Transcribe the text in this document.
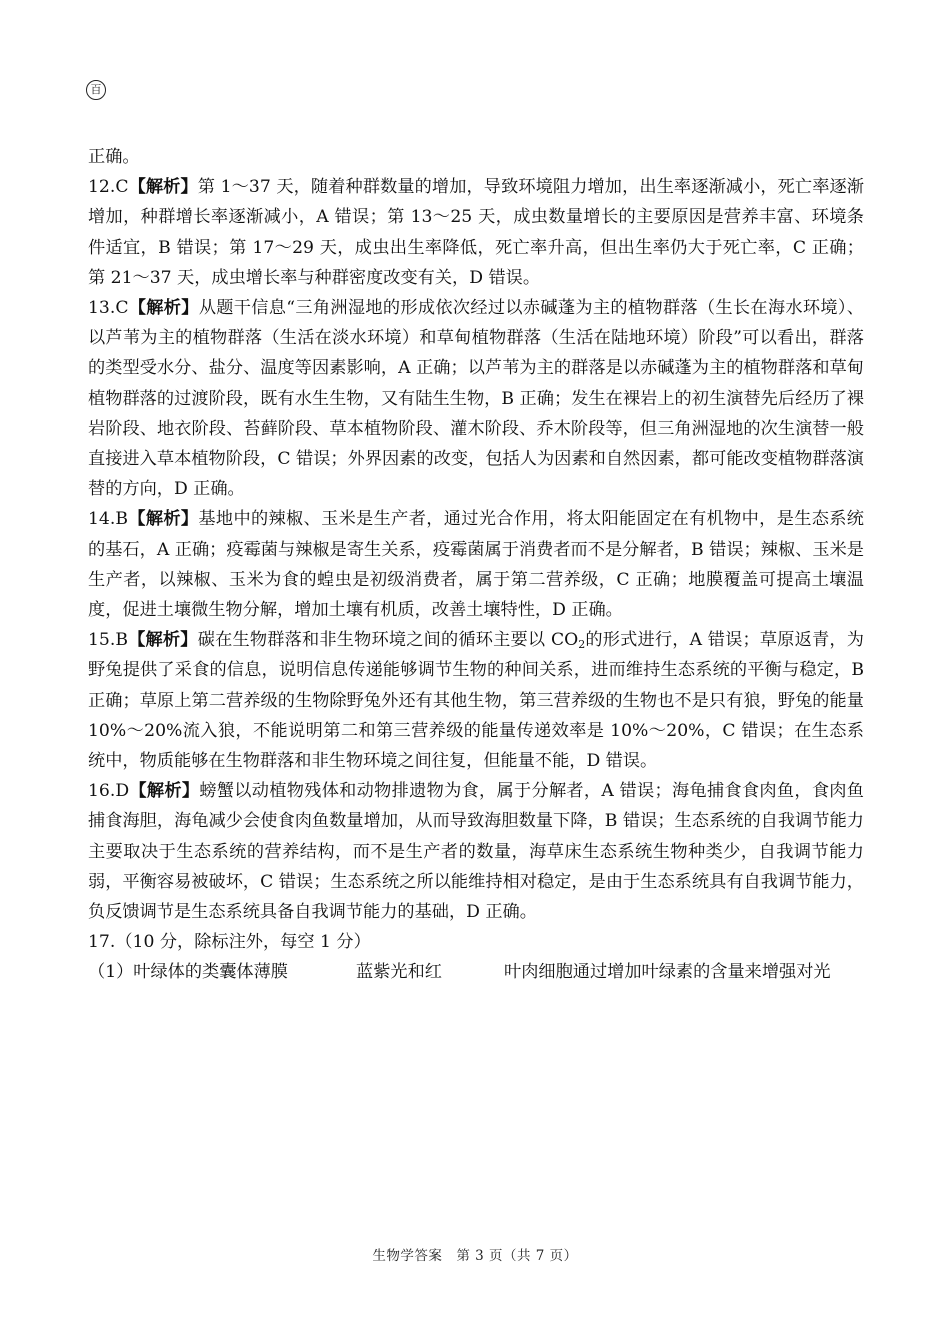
百

正确。

12.C【解析】第 1～37 天，随着种群数量的增加，导致环境阻力增加，出生率逐渐减小，死亡率逐渐增加，种群增长率逐渐减小，A 错误；第 13～25 天，成虫数量增长的主要原因是营养丰富、环境条件适宜，B 错误；第 17～29 天，成虫出生率降低，死亡率升高，但出生率仍大于死亡率，C 正确；第 21～37 天，成虫增长率与种群密度改变有关，D 错误。

13.C【解析】从题干信息“三角洲湿地的形成依次经过以赤碱蓬为主的植物群落（生长在海水环境）、以芦苇为主的植物群落（生活在淡水环境）和草甸植物群落（生活在陆地环境）阶段”可以看出，群落的类型受水分、盐分、温度等因素影响，A 正确；以芦苇为主的群落是以赤碱蓬为主的植物群落和草甸植物群落的过渡阶段，既有水生生物，又有陆生生物，B 正确；发生在裸岩上的初生演替先后经历了裸岩阶段、地衣阶段、苔藓阶段、草本植物阶段、灌木阶段、乔木阶段等，但三角洲湿地的次生演替一般直接进入草本植物阶段，C 错误；外界因素的改变，包括人为因素和自然因素，都可能改变植物群落演替的方向，D 正确。

14.B【解析】基地中的辣椒、玉米是生产者，通过光合作用，将太阳能固定在有机物中，是生态系统的基石，A 正确；疫霉菌与辣椒是寄生关系，疫霉菌属于消费者而不是分解者，B 错误；辣椒、玉米是生产者，以辣椒、玉米为食的蝗虫是初级消费者，属于第二营养级，C 正确；地膜覆盖可提高土壤温度，促进土壤微生物分解，增加土壤有机质，改善土壤特性，D 正确。

15.B【解析】碳在生物群落和非生物环境之间的循环主要以 $CO_2$的形式进行，A 错误；草原返青，为野兔提供了采食的信息，说明信息传递能够调节生物的种间关系，进而维持生态系统的平衡与稳定，B 正确；草原上第二营养级的生物除野兔外还有其他生物，第三营养级的生物也不是只有狼，野兔的能量 10%～20%流入狼，不能说明第二和第三营养级的能量传递效率是 10%～20%，C 错误；在生态系统中，物质能够在生物群落和非生物环境之间往复，但能量不能，D 错误。

16.D【解析】螃蟹以动植物残体和动物排遗物为食，属于分解者，A 错误；海龟捕食食肉鱼，食肉鱼捕食海胆，海龟减少会使食肉鱼数量增加，从而导致海胆数量下降，B 错误；生态系统的自我调节能力主要取决于生态系统的营养结构，而不是生产者的数量，海草床生态系统生物种类少，自我调节能力弱，平衡容易被破坏，C 错误；生态系统之所以能维持相对稳定，是由于生态系统具有自我调节能力，负反馈调节是生态系统具备自我调节能力的基础，D 正确。

17.（10 分，除标注外，每空 1 分）

（1）叶绿体的类囊体薄膜	蓝紫光和红	叶肉细胞通过增加叶绿素的含量来增强对光

生物学答案　第 3 页（共 7 页）
